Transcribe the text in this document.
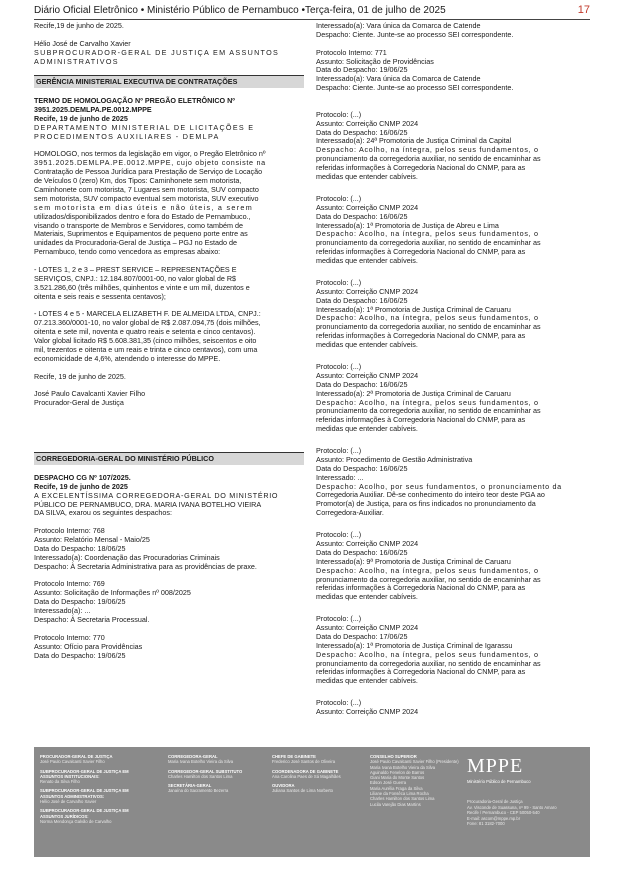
Diário Oficial Eletrônico • Ministério Público de Pernambuco •Terça-feira, 01 de julho de 2025	17

Recife,19 de junho de 2025.

Hélio José de Carvalho Xavier

SUBPROCURADOR-GERAL DE JUSTIÇA EM ASSUNTOS

ADMINISTRATIVOS

GERÊNCIA MINISTERIAL EXECUTIVA DE CONTRATAÇÕES

TERMO DE HOMOLOGAÇÃO Nº PREGÃO ELETRÔNICO Nº

3951.2025.DEMLPA.PE.0012.MPPE

Recife, 19 de junho de 2025

DEPARTAMENTO MINISTERIAL DE LICITAÇÕES E

PROCEDIMENTOS AUXILIARES - DEMLPA

HOMOLOGO, nos termos da legislação em vigor, o Pregão Eletrônico nº

3951.2025.DEMLPA.PE.0012.MPPE, cujo objeto consiste na

Contratação de Pessoa Jurídica para Prestação de Serviço de Locação

de Veículos 0 (zero) Km, dos Tipos: Caminhonete sem motorista,

Caminhonete com motorista, 7 Lugares sem motorista, SUV compacto

sem motorista, SUV compacto eventual sem motorista, SUV executivo

sem motorista em dias úteis e não úteis, a serem

utilizados/disponibilizados dentro e fora do Estado de Pernambuco.,

visando o transporte de Membros e Servidores, como também de

Materiais, Suprimentos e Equipamentos de pequeno porte entre as

unidades da Procuradoria-Geral de Justiça – PGJ no Estado de

Pernambuco, tendo como vencedora as empresas abaixo:

- LOTES 1, 2 e 3 – PREST SERVICE – REPRESENTAÇÕES E

SERVIÇOS, CNPJ.: 12.184.807/0001-00, no valor global de R$

3.521.286,60 (três milhões, quinhentos e vinte e um mil, duzentos e

oitenta e seis reais e sessenta centavos);

- LOTES 4 e 5 - MARCELA ELIZABETH F. DE ALMEIDA LTDA, CNPJ.:

07.213.360/0001-10, no valor global de R$ 2.087.094,75 (dois milhões,

oitenta e sete mil, noventa e quatro reais e setenta e cinco centavos).

Valor global licitado R$ 5.608.381,35 (cinco milhões, seiscentos e oito

mil, trezentos e oitenta e um reais e trinta e cinco centavos), com uma

economicidade de 4,6%, atendendo o interesse do MPPE.

Recife, 19 de junho de 2025.

José Paulo Cavalcanti Xavier Filho

Procurador-Geral de Justiça

CORREGEDORIA-GERAL DO MINISTÉRIO PÚBLICO

DESPACHO CG Nº 107/2025.

Recife, 19 de junho de 2025

A EXCELENTÍSSIMA CORREGEDORA-GERAL DO MINISTÉRIO

PÚBLICO DE PERNAMBUCO, DRA. MARIA IVANA BOTELHO VIEIRA

DA SILVA, exarou os seguintes despachos:

Protocolo Interno: 768

Assunto: Relatório Mensal - Maio/25

Data do Despacho: 18/06/25

Interessado(a): Coordenação das Procuradorias Criminais

Despacho: À Secretaria Administrativa para as providências de praxe.

Protocolo Interno: 769

Assunto: Solicitação de Informações nº 008/2025

Data do Despacho: 19/06/25

Interessado(a): ...

Despacho: À Secretaria Processual.

Protocolo Interno: 770

Assunto: Ofício para Providências

Data do Despacho: 19/06/25

Interessado(a): Vara única da Comarca de Catende

Despacho: Ciente. Junte-se ao processo SEI correspondente.

Protocolo Interno: 771

Assunto: Solicitação de Providências

Data do Despacho: 19/06/25

Interessado(a): Vara única da Comarca de Catende

Despacho: Ciente. Junte-se ao processo SEI correspondente.

Protocolo: (...)

Assunto: Correição CNMP 2024

Data do Despacho: 16/06/25

Interessado(a): 24ª Promotoria de Justiça Criminal da Capital

Despacho: Acolho, na íntegra, pelos seus fundamentos, o

pronunciamento da corregedoria auxiliar, no sentido de encaminhar as

referidas informações à Corregedoria Nacional do CNMP, para as

medidas que entender cabíveis.

Protocolo: (...)

Assunto: Correição CNMP 2024

Data do Despacho: 16/06/25

Interessado(a): 1ª Promotoria de Justiça de Abreu e Lima

Despacho: Acolho, na íntegra, pelos seus fundamentos, o

pronunciamento da corregedoria auxiliar, no sentido de encaminhar as

referidas informações à Corregedoria Nacional do CNMP, para as

medidas que entender cabíveis.

Protocolo: (...)

Assunto: Correição CNMP 2024

Data do Despacho: 16/06/25

Interessado(a): 1ª Promotoria de Justiça Criminal de Caruaru

Despacho: Acolho, na íntegra, pelos seus fundamentos, o

pronunciamento da corregedoria auxiliar, no sentido de encaminhar as

referidas informações à Corregedoria Nacional do CNMP, para as

medidas que entender cabíveis.

Protocolo: (...)

Assunto: Correição CNMP 2024

Data do Despacho: 16/06/25

Interessado(a): 2ª Promotoria de Justiça Criminal de Caruaru

Despacho: Acolho, na íntegra, pelos seus fundamentos, o

pronunciamento da corregedoria auxiliar, no sentido de encaminhar as

referidas informações à Corregedoria Nacional do CNMP, para as

medidas que entender cabíveis.

Protocolo: (...)

Assunto: Procedimento de Gestão Administrativa

Data do Despacho: 16/06/25

Interessado: ...

Despacho: Acolho, por seus fundamentos, o pronunciamento da

Corregedoria Auxiliar. Dê-se conhecimento do inteiro teor deste PGA ao

Promotor(a) de Justiça, para os fins indicados no pronunciamento da

Corregedora-Auxiliar.

Protocolo: (...)

Assunto: Correição CNMP 2024

Data do Despacho: 16/06/25

Interessado(a): 9ª Promotoria de Justiça Criminal de Caruaru

Despacho: Acolho, na íntegra, pelos seus fundamentos, o

pronunciamento da corregedoria auxiliar, no sentido de encaminhar as

referidas informações à Corregedoria Nacional do CNMP, para as

medidas que entender cabíveis.

Protocolo: (...)

Assunto: Correição CNMP 2024

Data do Despacho: 17/06/25

Interessado(a): 1ª Promotoria de Justiça Criminal de Igarassu

Despacho: Acolho, na íntegra, pelos seus fundamentos, o

pronunciamento da corregedoria auxiliar, no sentido de encaminhar as

referidas informações à Corregedoria Nacional do CNMP, para as

medidas que entender cabíveis.

Protocolo: (...)

Assunto: Correição CNMP 2024

PROCURADOR-GERAL DE JUSTIÇA
José Paulo Cavalcanti Xavier Filho
SUBPROCURADOR-GERAL DE JUSTIÇA EM ASSUNTOS INSTITUCIONAIS:
Renato da Silva Filho
SUBPROCURADOR-GERAL DE JUSTIÇA EM ASSUNTOS ADMINISTRATIVOS:
Hélio José de Carvalho Xavier
SUBPROCURADOR-GERAL DE JUSTIÇA EM ASSUNTOS JURÍDICOS:
Norma Mendonça Galvão de Carvalho
CORREGEDORA-GERAL
Maria Ivana Botelho Vieira da Silva
CORREGEDOR-GERAL SUBSTITUTO
Charles Hamilton dos Santos Lima
SECRETÁRIA-GERAL
Janaína do Sacramento Bezerra
CHEFE DE GABINETE
Frederico José Santos de Oliveira
COORDENADORA DE GABINETE
Ana Carolina Paes de Sá Magalhães
OUVIDORA
Juliana Santos de Lima Norberto
CONSELHO SUPERIOR
José Paulo Cavalcanti Xavier Filho (Presidente)
Maria Ivana Botelho Vieira da Silva
Aguinaldo Fenelon de Barros
Giani Maria do Monte Santos
Edson José Guerra
Maria Aurélia Fraga da Silva
Liliane da Fonsêca Lima Rocha
Charles Hamilton dos Santos Lima
Lucila Varejão Dias Martins
MPPE
Ministério Público de Pernambuco
Procuradoria-Geral de Justiça
Av. Visconde de Suassuna, nº 99 - Santo Amaro
Recife / Pernambuco - CEP 50050-540
E-mail: ascom@mppe.mp.br
Fone: 81 3182-7000
